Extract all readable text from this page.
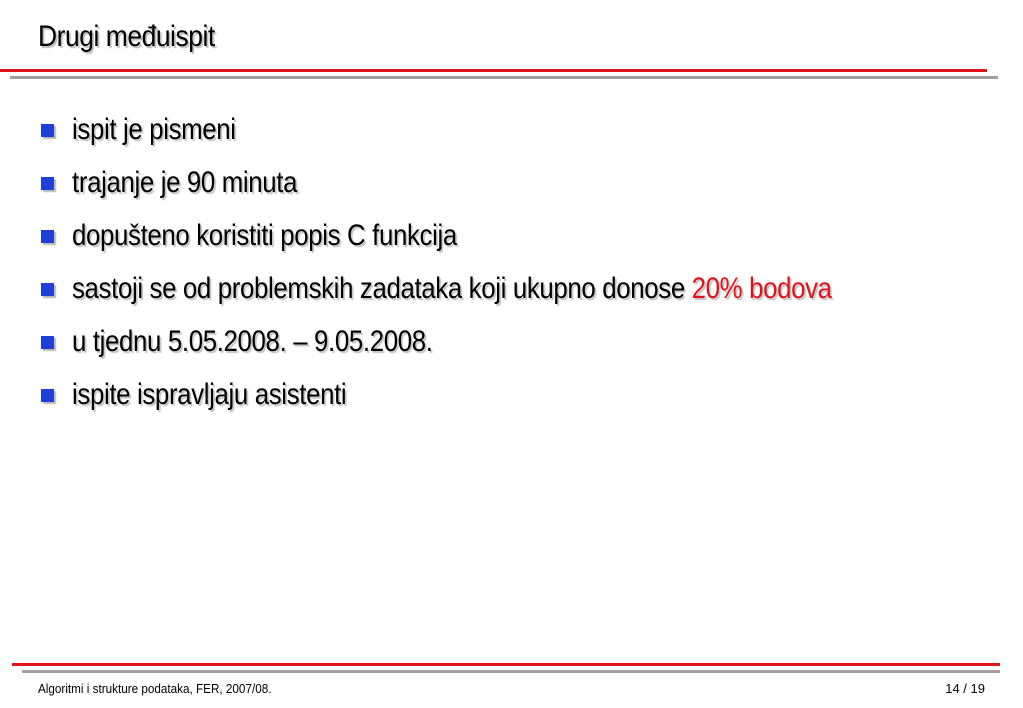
Drugi međuispit
ispit je pismeni
trajanje je 90 minuta
dopušteno koristiti popis C funkcija
sastoji se od problemskih zadataka koji ukupno donose 20% bodova
u tjednu 5.05.2008. – 9.05.2008.
ispite ispravljaju asistenti
Algoritmi i strukture podataka, FER, 2007/08.	14 / 19
